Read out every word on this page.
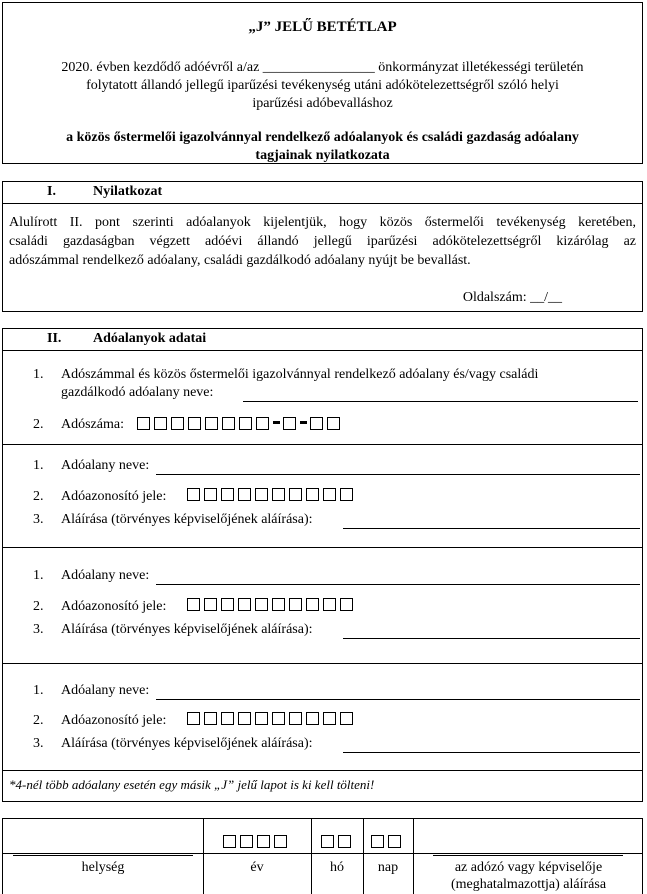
„J” JELŰ BETÉTLAP
2020. évben kezdődő adóévről a/az ________________ önkormányzat illetékességi területén
folytatott állandó jellegű iparűzési tevékenység utáni adókötelezettségről szóló helyi
iparűzési adóbevalláshoz
a közös őstermelői igazolvánnyal rendelkező adóalanyok és családi gazdaság adóalany
tagjainak nyilatkozata
I.	Nyilatkozat
Alulírott II. pont szerinti adóalanyok kijelentjük, hogy közös őstermelői tevékenység keretében,
családi gazdaságban végzett adóévi állandó jellegű iparűzési adókötelezettségről kizárólag az
adószámmal rendelkező adóalany, családi gazdálkodó adóalany nyújt be bevallást.
Oldalszám: __/__
II. Adóalanyok adatai
1. Adószámmal és közös őstermelői igazolvánnyal rendelkező adóalany és/vagy családi
gazdálkodó adóalany neve:
2. Adószáma:
1. Adóalany neve:
2. Adóazonosító jele:
3. Aláírása (törvényes képviselőjének aláírása):
1. Adóalany neve:
2. Adóazonosító jele:
3. Aláírása (törvényes képviselőjének aláírása):
1. Adóalany neve:
2. Adóazonosító jele:
3. Aláírása (törvényes képviselőjének aláírása):
*4-nél több adóalany esetén egy másik „J” jelű lapot is ki kell tölteni!
helység	év	hó	nap	az adózó vagy képviselője
(meghatalmazottja) aláírása
